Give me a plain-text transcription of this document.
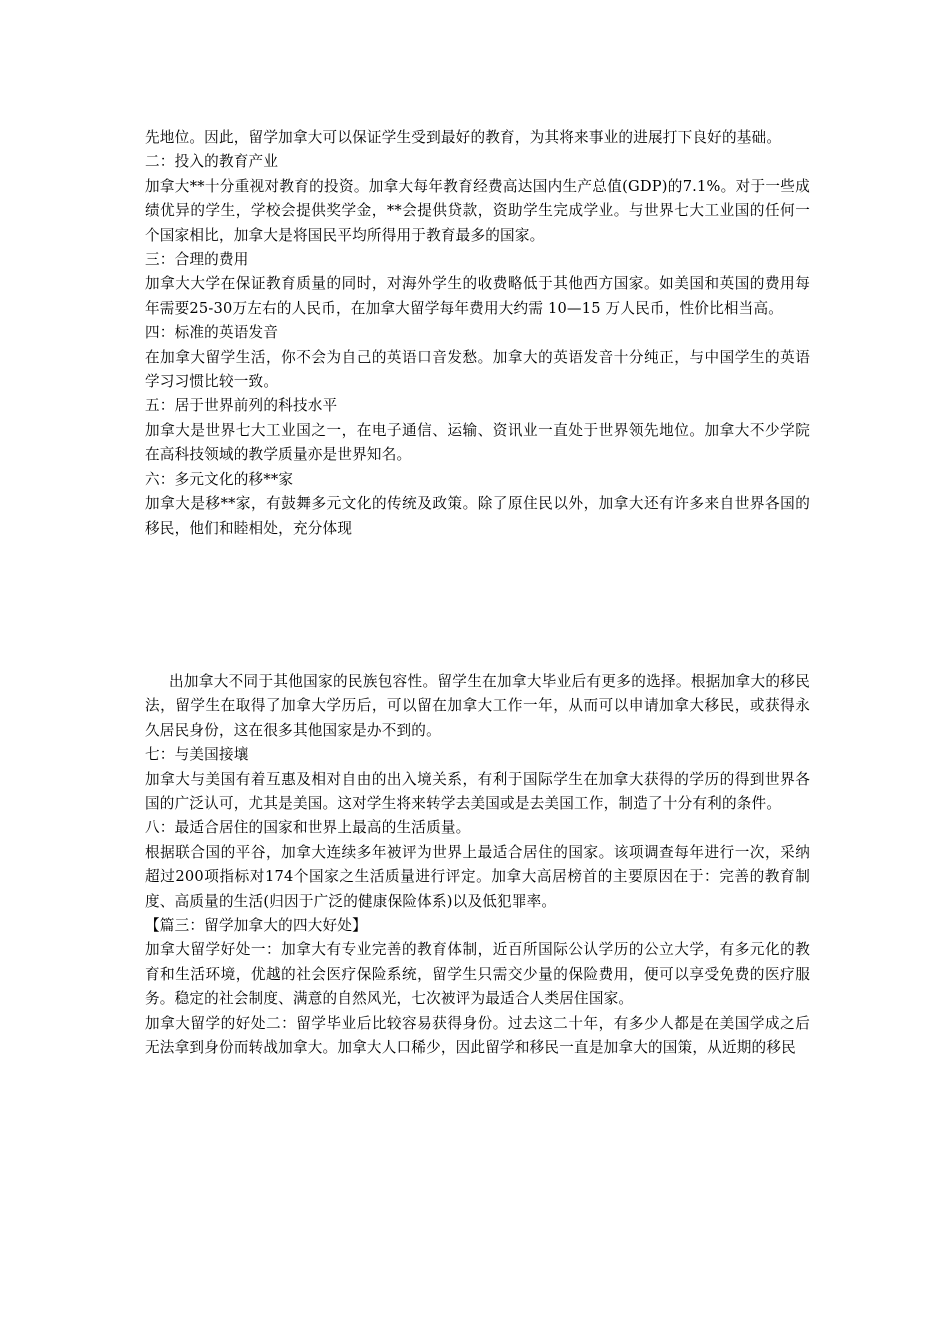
先地位。因此，留学加拿大可以保证学生受到最好的教育，为其将来事业的进展打下良好的基础。

二：投入的教育产业

加拿大**十分重视对教育的投资。加拿大每年教育经费高达国内生产总值(GDP)的7.1%。对于一些成绩优异的学生，学校会提供奖学金，**会提供贷款，资助学生完成学业。与世界七大工业国的任何一个国家相比，加拿大是将国民平均所得用于教育最多的国家。

三：合理的费用

加拿大大学在保证教育质量的同时，对海外学生的收费略低于其他西方国家。如美国和英国的费用每年需要25-30万左右的人民币，在加拿大留学每年费用大约需 10—15 万人民币，性价比相当高。

四：标准的英语发音

在加拿大留学生活，你不会为自己的英语口音发愁。加拿大的英语发音十分纯正，与中国学生的英语学习习惯比较一致。

五：居于世界前列的科技水平

加拿大是世界七大工业国之一，在电子通信、运输、资讯业一直处于世界领先地位。加拿大不少学院在高科技领域的教学质量亦是世界知名。

六：多元文化的移**家

加拿大是移**家，有鼓舞多元文化的传统及政策。除了原住民以外，加拿大还有许多来自世界各国的移民，他们和睦相处，充分体现

出加拿大不同于其他国家的民族包容性。留学生在加拿大毕业后有更多的选择。根据加拿大的移民法，留学生在取得了加拿大学历后，可以留在加拿大工作一年，从而可以申请加拿大移民，或获得永久居民身份，这在很多其他国家是办不到的。

七：与美国接壤

加拿大与美国有着互惠及相对自由的出入境关系，有利于国际学生在加拿大获得的学历的得到世界各国的广泛认可，尤其是美国。这对学生将来转学去美国或是去美国工作，制造了十分有利的条件。

八：最适合居住的国家和世界上最高的生活质量。

根据联合国的平谷，加拿大连续多年被评为世界上最适合居住的国家。该项调查每年进行一次，采纳超过200项指标对174个国家之生活质量进行评定。加拿大高居榜首的主要原因在于：完善的教育制度、高质量的生活(归因于广泛的健康保险体系)以及低犯罪率。

【篇三：留学加拿大的四大好处】

加拿大留学好处一：加拿大有专业完善的教育体制，近百所国际公认学历的公立大学，有多元化的教育和生活环境，优越的社会医疗保险系统，留学生只需交少量的保险费用，便可以享受免费的医疗服务。稳定的社会制度、满意的自然风光，七次被评为最适合人类居住国家。

加拿大留学的好处二：留学毕业后比较容易获得身份。过去这二十年，有多少人都是在美国学成之后无法拿到身份而转战加拿大。加拿大人口稀少，因此留学和移民一直是加拿大的国策，从近期的移民
